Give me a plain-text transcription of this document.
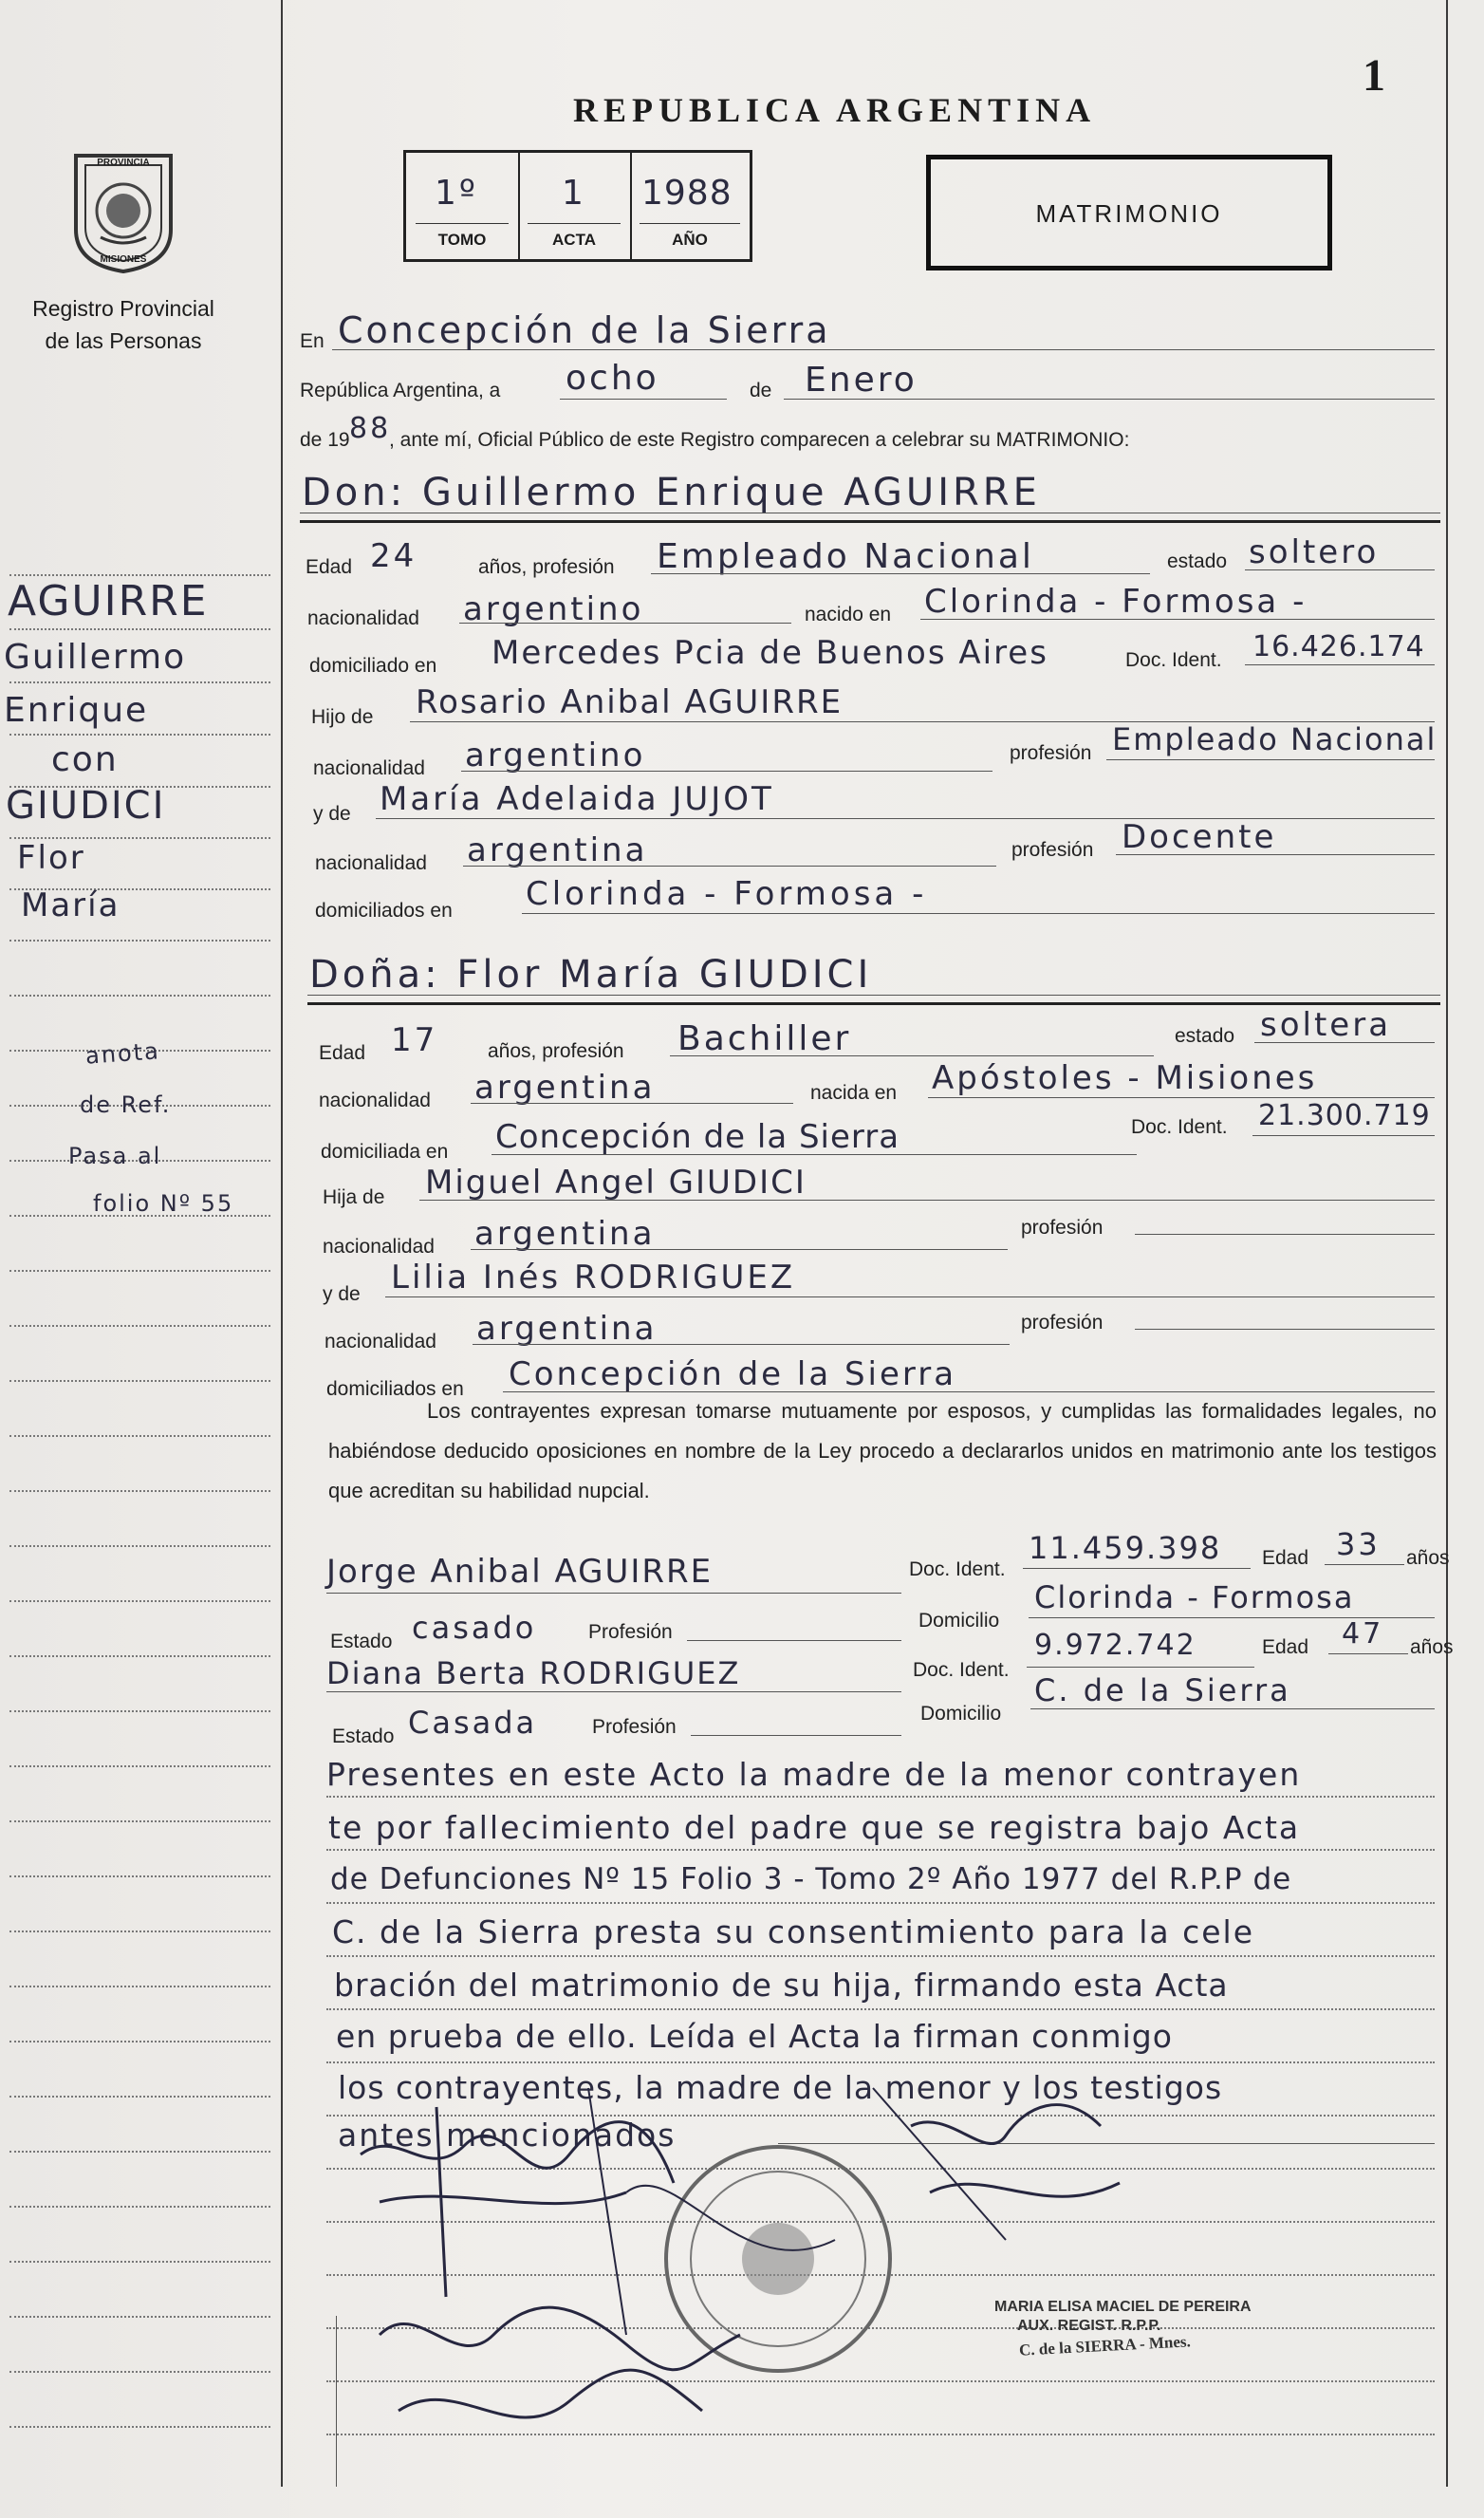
1
REPUBLICA ARGENTINA
1º
TOMO
1
ACTA
1988
AÑO
MATRIMONIO
PROVINCIA
MISIONES
Registro Provincial
de las Personas
AGUIRRE
Guillermo
Enrique
con
GIUDICI
Flor
María
anota
de Ref.
Pasa al
folio Nº 55
En Concepción de la Sierra
República Argentina, a ocho	de Enero
de 19 88
, ante mí, Oficial Público de este Registro comparecen a celebrar su MATRIMONIO:
Don: Guillermo Enrique AGUIRRE
Edad 24	años, profesión Empleado Nacional	estado soltero
nacionalidad argentino	nacido en Clorinda - Formosa -
domiciliado en Mercedes Pcia de Buenos Aires	Doc. Ident. 16.426.174
Hijo de Rosario Anibal AGUIRRE
nacionalidad argentino	profesión Empleado Nacional
y de María Adelaida JUJOT
nacionalidad argentina	profesión Docente
domiciliados en Clorinda - Formosa -
Doña: Flor María GIUDICI
Edad 17	años, profesión Bachiller	estado soltera
nacionalidad argentina	nacida en Apóstoles - Misiones
domiciliada en Concepción de la Sierra	Doc. Ident. 21.300.719
Hija de Miguel Angel GIUDICI
nacionalidad argentina	profesión
y de Lilia Inés RODRIGUEZ
nacionalidad argentina	profesión
domiciliados en Concepción de la Sierra
Los contrayentes expresan tomarse mutuamente por esposos, y cumplidas las formalidades legales, no habiéndose deducido oposiciones en nombre de la Ley procedo a declararlos unidos en matrimonio ante los testigos que acreditan su habilidad nupcial.
Jorge Anibal AGUIRRE	Doc. Ident.
11.459.398 Edad 33 años
Estado casado	Profesión
Domicilio
Clorinda - Formosa
Diana Berta RODRIGUEZ	Doc. Ident.
9.972.742	Edad 47 años
Estado Casada	Profesión
Domicilio
C. de la Sierra
Presentes en este Acto la madre de la menor contrayen
te por fallecimiento del padre que se registra bajo Acta
de Defunciones Nº 15 Folio 3 - Tomo 2º Año 1977 del R.P.P de
C. de la Sierra presta su consentimiento para la cele
bración del matrimonio de su hija, firmando esta Acta
en prueba de ello. Leída el Acta la firman conmigo
los contrayentes, la madre de la menor y los testigos
antes mencionados
MARIA ELISA MACIEL DE PEREIRA
AUX. REGIST. R.P.P.
C. de la SIERRA - Mnes.
